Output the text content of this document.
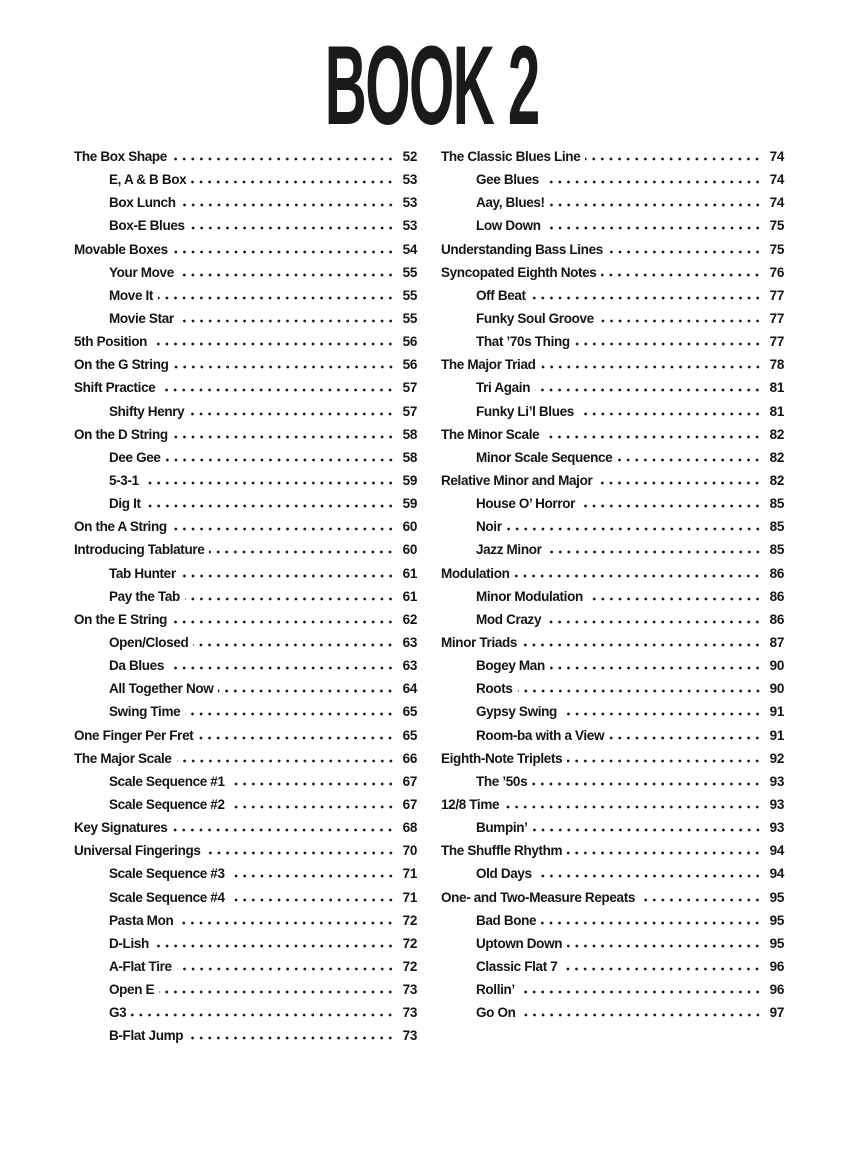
BOOK 2
The Box Shape	52
E, A & B Box	53
Box Lunch	53
Box-E Blues	53
Movable Boxes	54
Your Move	55
Move It	55
Movie Star	55
5th Position	56
On the G String	56
Shift Practice	57
Shifty Henry	57
On the D String	58
Dee Gee	58
5-3-1	59
Dig It	59
On the A String	60
Introducing Tablature	60
Tab Hunter	61
Pay the Tab	61
On the E String	62
Open/Closed	63
Da Blues	63
All Together Now	64
Swing Time	65
One Finger Per Fret	65
The Major Scale	66
Scale Sequence #1	67
Scale Sequence #2	67
Key Signatures	68
Universal Fingerings	70
Scale Sequence #3	71
Scale Sequence #4	71
Pasta Mon	72
D-Lish	72
A-Flat Tire	72
Open E	73
G3	73
B-Flat Jump	73
The Classic Blues Line	74
Gee Blues	74
Aay, Blues!	74
Low Down	75
Understanding Bass Lines	75
Syncopated Eighth Notes	76
Off Beat	77
Funky Soul Groove	77
That ’70s Thing	77
The Major Triad	78
Tri Again	81
Funky Li’l Blues	81
The Minor Scale	82
Minor Scale Sequence	82
Relative Minor and Major	82
House O’ Horror	85
Noir	85
Jazz Minor	85
Modulation	86
Minor Modulation	86
Mod Crazy	86
Minor Triads	87
Bogey Man	90
Roots	90
Gypsy Swing	91
Room-ba with a View	91
Eighth-Note Triplets	92
The ’50s	93
12/8 Time	93
Bumpin’	93
The Shuffle Rhythm	94
Old Days	94
One- and Two-Measure Repeats	95
Bad Bone	95
Uptown Down	95
Classic Flat 7	96
Rollin’	96
Go On	97
